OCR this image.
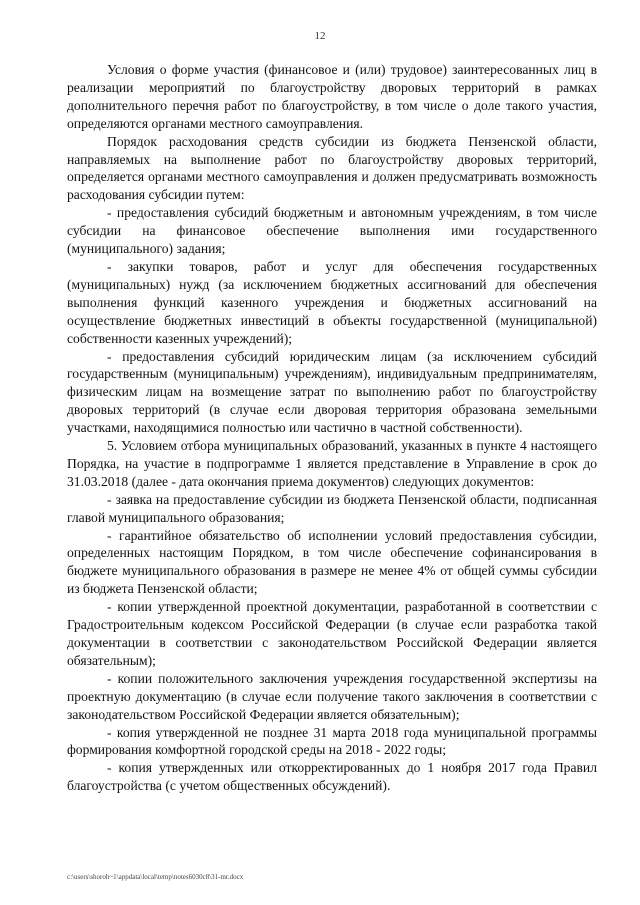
12

Условия о форме участия (финансовое и (или) трудовое) заинтересованных лиц в реализации мероприятий по благоустройству дворовых территорий в рамках дополнительного перечня работ по благоустройству, в том числе о доле такого участия, определяются органами местного самоуправления.

Порядок расходования средств субсидии из бюджета Пензенской области, направляемых на выполнение работ по благоустройству дворовых территорий, определяется органами местного самоуправления и должен предусматривать возможность расходования субсидии путем:

- предоставления субсидий бюджетным и автономным учреждениям, в том числе субсидии на финансовое обеспечение выполнения ими государственного (муниципального) задания;

- закупки товаров, работ и услуг для обеспечения государственных (муниципальных) нужд (за исключением бюджетных ассигнований для обеспечения выполнения функций казенного учреждения и бюджетных ассигнований на осуществление бюджетных инвестиций в объекты государственной (муниципальной) собственности казенных учреждений);

- предоставления субсидий юридическим лицам (за исключением субсидий государственным (муниципальным) учреждениям), индивидуальным предпринимателям, физическим лицам на возмещение затрат по выполнению работ по благоустройству дворовых территорий (в случае если дворовая территория образована земельными участками, находящимися полностью или частично в частной собственности).

5. Условием отбора муниципальных образований, указанных в пункте 4 настоящего Порядка, на участие в подпрограмме 1 является представление в Управление в срок до 31.03.2018 (далее - дата окончания приема документов) следующих документов:

- заявка на предоставление субсидии из бюджета Пензенской области, подписанная главой муниципального образования;

- гарантийное обязательство об исполнении условий предоставления субсидии, определенных настоящим Порядком, в том числе обеспечение софинансирования в бюджете муниципального образования в размере не менее 4% от общей суммы субсидии из бюджета Пензенской области;

- копии утвержденной проектной документации, разработанной в соответствии с Градостроительным кодексом Российской Федерации (в случае если разработка такой документации в соответствии с законодательством Российской Федерации является обязательным);

- копии положительного заключения учреждения государственной экспертизы на проектную документацию (в случае если получение такого заключения в соответствии с законодательством Российской Федерации является обязательным);

- копия утвержденной не позднее 31 марта 2018 года муниципальной программы формирования комфортной городской среды на 2018 - 2022 годы;

- копия утвержденных или откорректированных до 1 ноября 2017 года Правил благоустройства (с учетом общественных обсуждений).

c:\users\shoroh~1\appdata\local\temp\notes6030c8\31-mr.docx
